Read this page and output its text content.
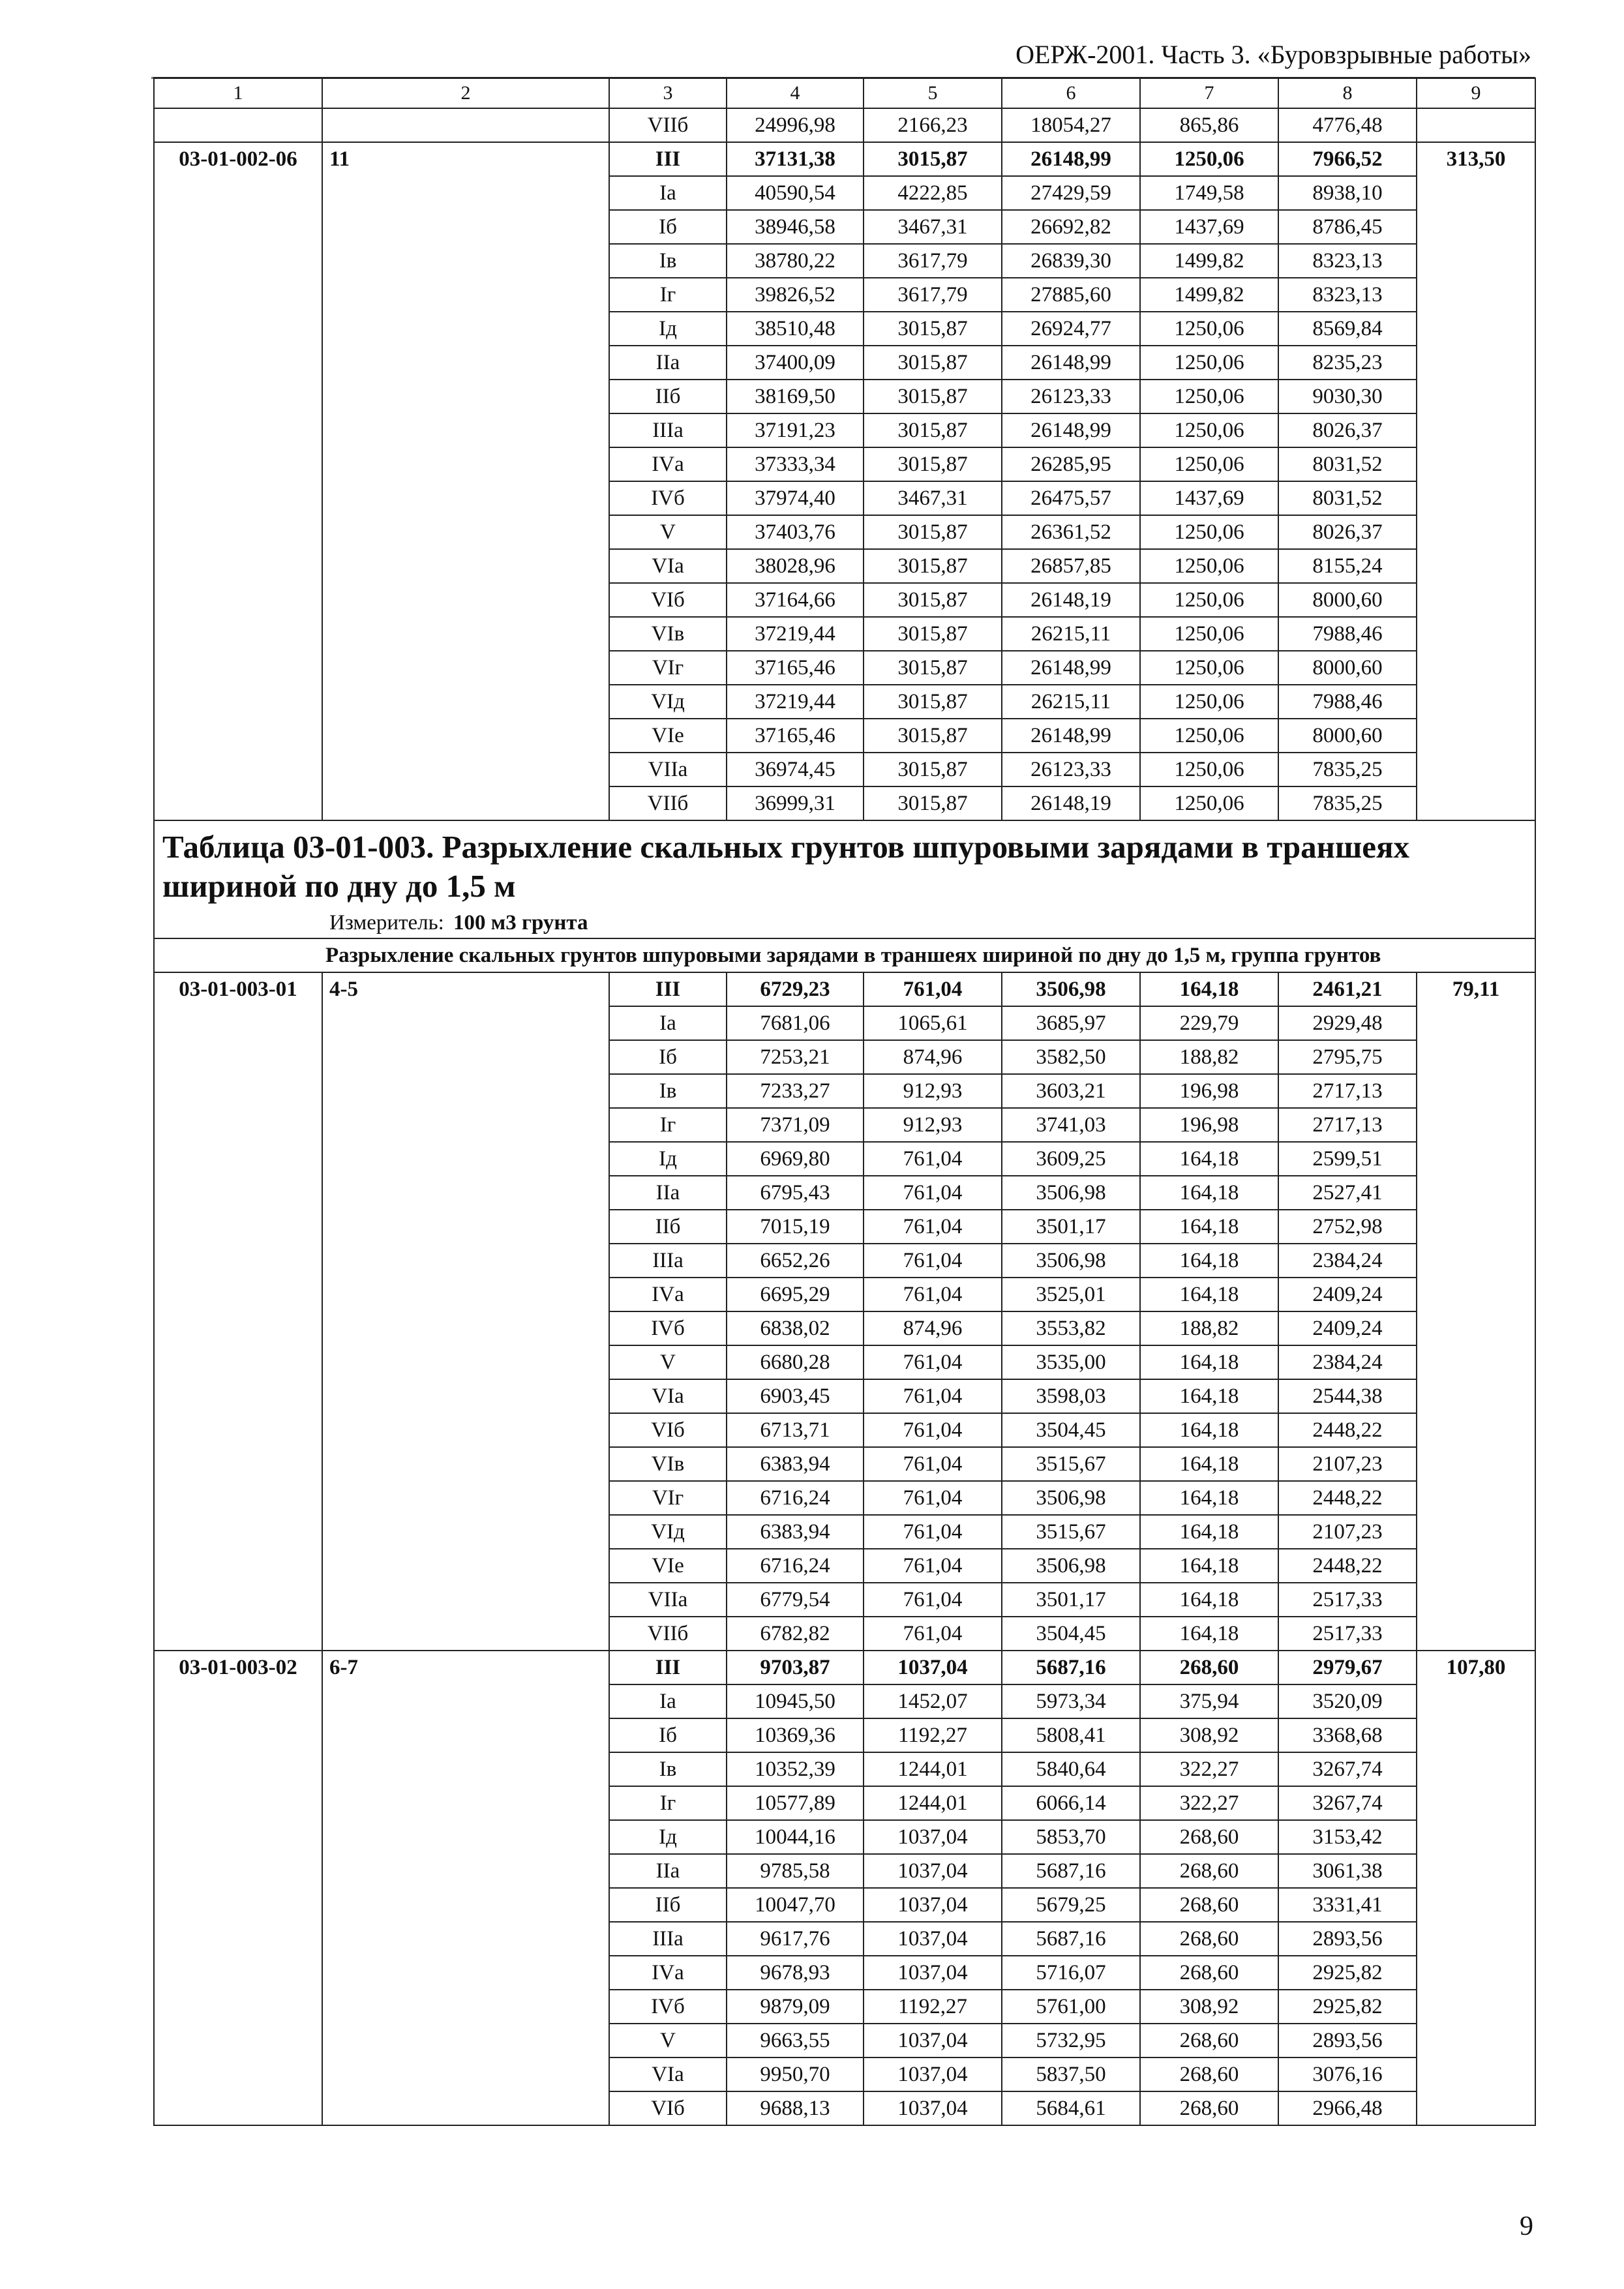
ОЕРЖ-2001. Часть 3. «Буровзрывные работы»
1	2	3	4	5	6	7	8	9
		VIIб	24996,98	2166,23	18054,27	865,86	4776,48	
03-01-002-06	11	III	37131,38	3015,87	26148,99	1250,06	7966,52	313,50
		Iа	40590,54	4222,85	27429,59	1749,58	8938,10	
		Iб	38946,58	3467,31	26692,82	1437,69	8786,45	
		Iв	38780,22	3617,79	26839,30	1499,82	8323,13	
		Iг	39826,52	3617,79	27885,60	1499,82	8323,13	
		Iд	38510,48	3015,87	26924,77	1250,06	8569,84	
		IIа	37400,09	3015,87	26148,99	1250,06	8235,23	
		IIб	38169,50	3015,87	26123,33	1250,06	9030,30	
		IIIа	37191,23	3015,87	26148,99	1250,06	8026,37	
		IVа	37333,34	3015,87	26285,95	1250,06	8031,52	
		IVб	37974,40	3467,31	26475,57	1437,69	8031,52	
		V	37403,76	3015,87	26361,52	1250,06	8026,37	
		VIа	38028,96	3015,87	26857,85	1250,06	8155,24	
		VIб	37164,66	3015,87	26148,19	1250,06	8000,60	
		VIв	37219,44	3015,87	26215,11	1250,06	7988,46	
		VIг	37165,46	3015,87	26148,99	1250,06	8000,60	
		VIд	37219,44	3015,87	26215,11	1250,06	7988,46	
		VIе	37165,46	3015,87	26148,99	1250,06	8000,60	
		VIIа	36974,45	3015,87	26123,33	1250,06	7835,25	
		VIIб	36999,31	3015,87	26148,19	1250,06	7835,25	

Таблица 03-01-003. Разрыхление скальных грунтов шпуровыми зарядами в траншеях шириной по дну до 1,5 м
Измеритель: 100 м3 грунта								

Разрыхление скальных грунтов шпуровыми зарядами в траншеях шириной по дну до 1,5 м, группа грунтов								
03-01-003-01	4-5	III	6729,23	761,04	3506,98	164,18	2461,21	79,11
		Iа	7681,06	1065,61	3685,97	229,79	2929,48	
		Iб	7253,21	874,96	3582,50	188,82	2795,75	
		Iв	7233,27	912,93	3603,21	196,98	2717,13	
		Iг	7371,09	912,93	3741,03	196,98	2717,13	
		Iд	6969,80	761,04	3609,25	164,18	2599,51	
		IIа	6795,43	761,04	3506,98	164,18	2527,41	
		IIб	7015,19	761,04	3501,17	164,18	2752,98	
		IIIа	6652,26	761,04	3506,98	164,18	2384,24	
		IVа	6695,29	761,04	3525,01	164,18	2409,24	
		IVб	6838,02	874,96	3553,82	188,82	2409,24	
		V	6680,28	761,04	3535,00	164,18	2384,24	
		VIа	6903,45	761,04	3598,03	164,18	2544,38	
		VIб	6713,71	761,04	3504,45	164,18	2448,22	
		VIв	6383,94	761,04	3515,67	164,18	2107,23	
		VIг	6716,24	761,04	3506,98	164,18	2448,22	
		VIд	6383,94	761,04	3515,67	164,18	2107,23	
		VIе	6716,24	761,04	3506,98	164,18	2448,22	
		VIIа	6779,54	761,04	3501,17	164,18	2517,33	
		VIIб	6782,82	761,04	3504,45	164,18	2517,33	
03-01-003-02	6-7	III	9703,87	1037,04	5687,16	268,60	2979,67	107,80
		Iа	10945,50	1452,07	5973,34	375,94	3520,09	
		Iб	10369,36	1192,27	5808,41	308,92	3368,68	
		Iв	10352,39	1244,01	5840,64	322,27	3267,74	
		Iг	10577,89	1244,01	6066,14	322,27	3267,74	
		Iд	10044,16	1037,04	5853,70	268,60	3153,42	
		IIа	9785,58	1037,04	5687,16	268,60	3061,38	
		IIб	10047,70	1037,04	5679,25	268,60	3331,41	
		IIIа	9617,76	1037,04	5687,16	268,60	2893,56	
		IVа	9678,93	1037,04	5716,07	268,60	2925,82	
		IVб	9879,09	1192,27	5761,00	308,92	2925,82	
		V	9663,55	1037,04	5732,95	268,60	2893,56	
		VIа	9950,70	1037,04	5837,50	268,60	3076,16	
		VIб	9688,13	1037,04	5684,61	268,60	2966,48	
9
